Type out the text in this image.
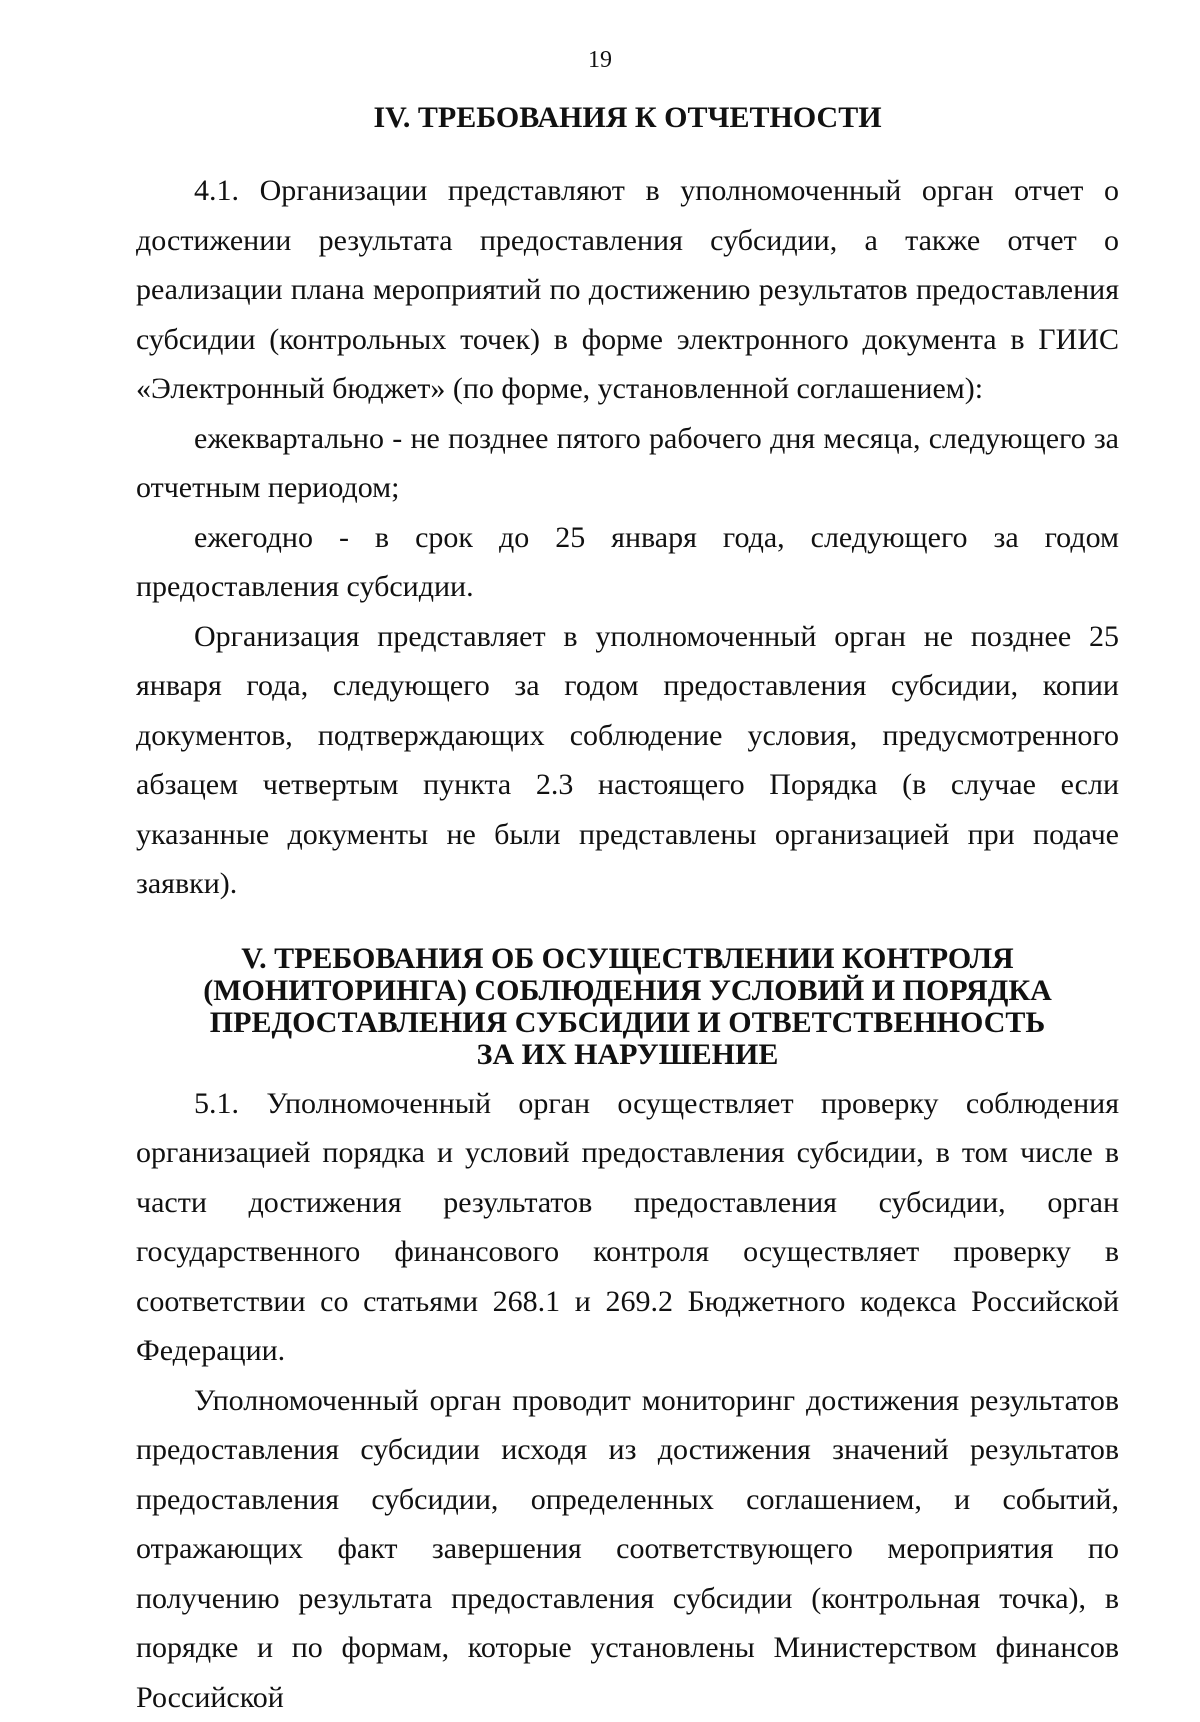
19
IV. ТРЕБОВАНИЯ К ОТЧЕТНОСТИ

4.1. Организации представляют в уполномоченный орган отчет о достижении результата предоставления субсидии, а также отчет о реализации плана мероприятий по достижению результатов предоставления субсидии (контрольных точек) в форме электронного документа в ГИИС «Электронный бюджет» (по форме, установленной соглашением):

ежеквартально - не позднее пятого рабочего дня месяца, следующего за отчетным периодом;

ежегодно - в срок до 25 января года, следующего за годом предоставления субсидии.

Организация представляет в уполномоченный орган не позднее 25 января года, следующего за годом предоставления субсидии, копии документов, подтверждающих соблюдение условия, предусмотренного абзацем четвертым пункта 2.3 настоящего Порядка (в случае если указанные документы не были представлены организацией при подаче заявки).

V. ТРЕБОВАНИЯ ОБ ОСУЩЕСТВЛЕНИИ КОНТРОЛЯ
(МОНИТОРИНГА) СОБЛЮДЕНИЯ УСЛОВИЙ И ПОРЯДКА
ПРЕДОСТАВЛЕНИЯ СУБСИДИИ И ОТВЕТСТВЕННОСТЬ
ЗА ИХ НАРУШЕНИЕ

5.1. Уполномоченный орган осуществляет проверку соблюдения организацией порядка и условий предоставления субсидии, в том числе в части достижения результатов предоставления субсидии, орган государственного финансового контроля осуществляет проверку в соответствии со статьями 268.1 и 269.2 Бюджетного кодекса Российской Федерации.

Уполномоченный орган проводит мониторинг достижения результатов предоставления субсидии исходя из достижения значений результатов предоставления субсидии, определенных соглашением, и событий, отражающих факт завершения соответствующего мероприятия по получению результата предоставления субсидии (контрольная точка), в порядке и по формам, которые установлены Министерством финансов Российской
